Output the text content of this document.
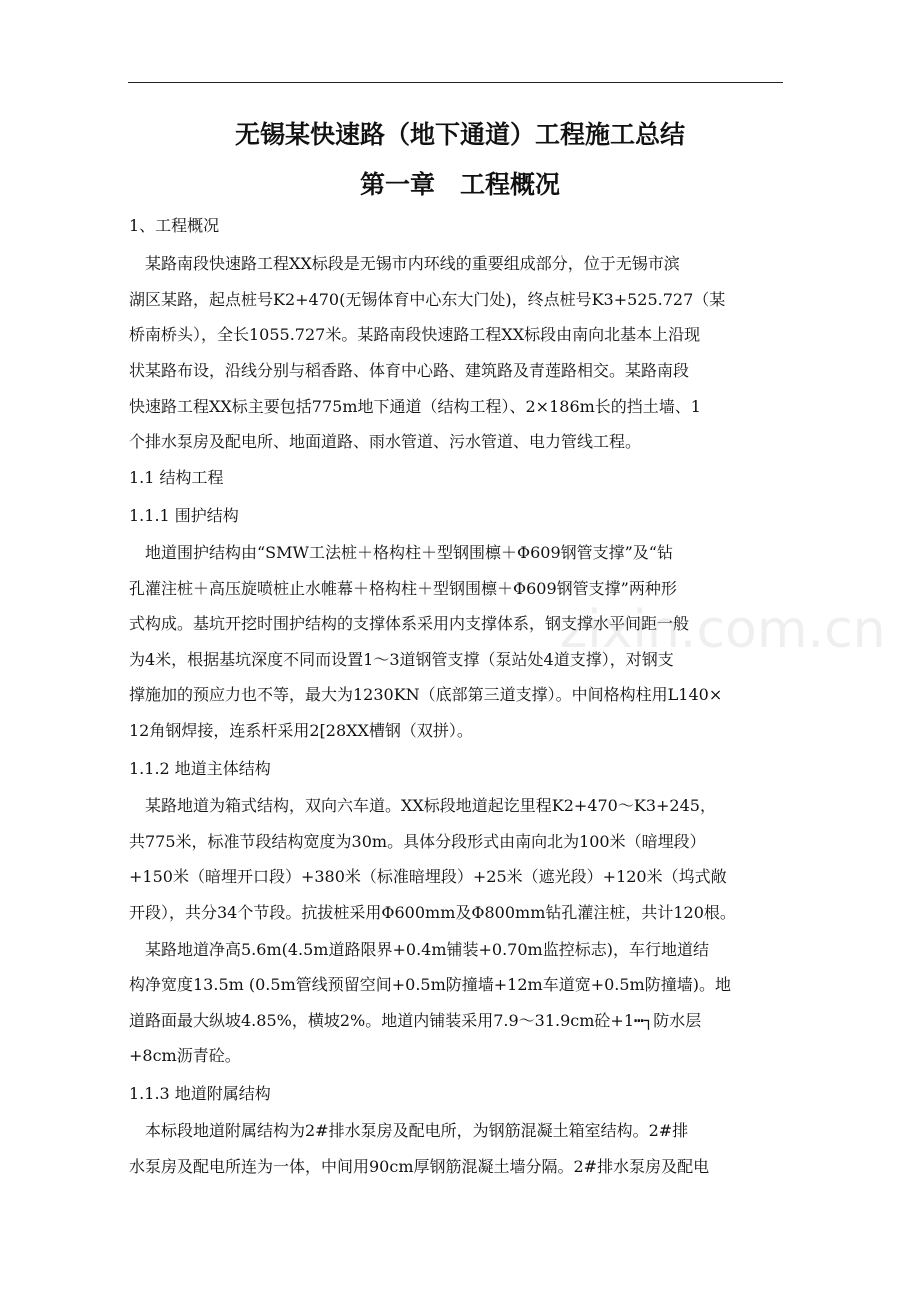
无锡某快速路（地下通道）工程施工总结
第一章　工程概况
1、工程概况
　某路南段快速路工程XX标段是无锡市内环线的重要组成部分，位于无锡市滨
湖区某路，起点桩号K2+470(无锡体育中心东大门处)，终点桩号K3+525.727（某
桥南桥头），全长1055.727米。某路南段快速路工程XX标段由南向北基本上沿现
状某路布设，沿线分别与稻香路、体育中心路、建筑路及青莲路相交。某路南段
快速路工程XX标主要包括775m地下通道（结构工程）、2×186m长的挡土墙、1
个排水泵房及配电所、地面道路、雨水管道、污水管道、电力管线工程。
1.1 结构工程
1.1.1 围护结构
　地道围护结构由“SMW工法桩＋格构柱＋型钢围檩＋Φ609钢管支撑”及“钻
孔灌注桩＋高压旋喷桩止水帷幕＋格构柱＋型钢围檩＋Φ609钢管支撑”两种形
式构成。基坑开挖时围护结构的支撑体系采用内支撑体系，钢支撑水平间距一般
为4米，根据基坑深度不同而设置1～3道钢管支撑（泵站处4道支撑），对钢支
撑施加的预应力也不等，最大为1230KN（底部第三道支撑）。中间格构柱用L140×
12角钢焊接，连系杆采用2[28XX槽钢（双拼）。
1.1.2 地道主体结构
　某路地道为箱式结构，双向六车道。XX标段地道起讫里程K2+470～K3+245，
共775米，标准节段结构宽度为30m。具体分段形式由南向北为100米（暗埋段）
+150米（暗埋开口段）+380米（标准暗埋段）+25米（遮光段）+120米（坞式敞
开段），共分34个节段。抗拔桩采用Φ600mm及Φ800mm钻孔灌注桩，共计120根。
　某路地道净高5.6m(4.5m道路限界+0.4m铺装+0.70m监控标志)，车行地道结
构净宽度13.5m (0.5m管线预留空间+0.5m防撞墙+12m车道宽+0.5m防撞墙)。地
道路面最大纵坡4.85%，横坡2%。地道内铺装采用7.9～31.9cm砼+1┅┐防水层
+8cm沥青砼。
1.1.3 地道附属结构
　本标段地道附属结构为2#排水泵房及配电所，为钢筋混凝土箱室结构。2#排
水泵房及配电所连为一体，中间用90cm厚钢筋混凝土墙分隔。2#排水泵房及配电
zixin.com.cn
